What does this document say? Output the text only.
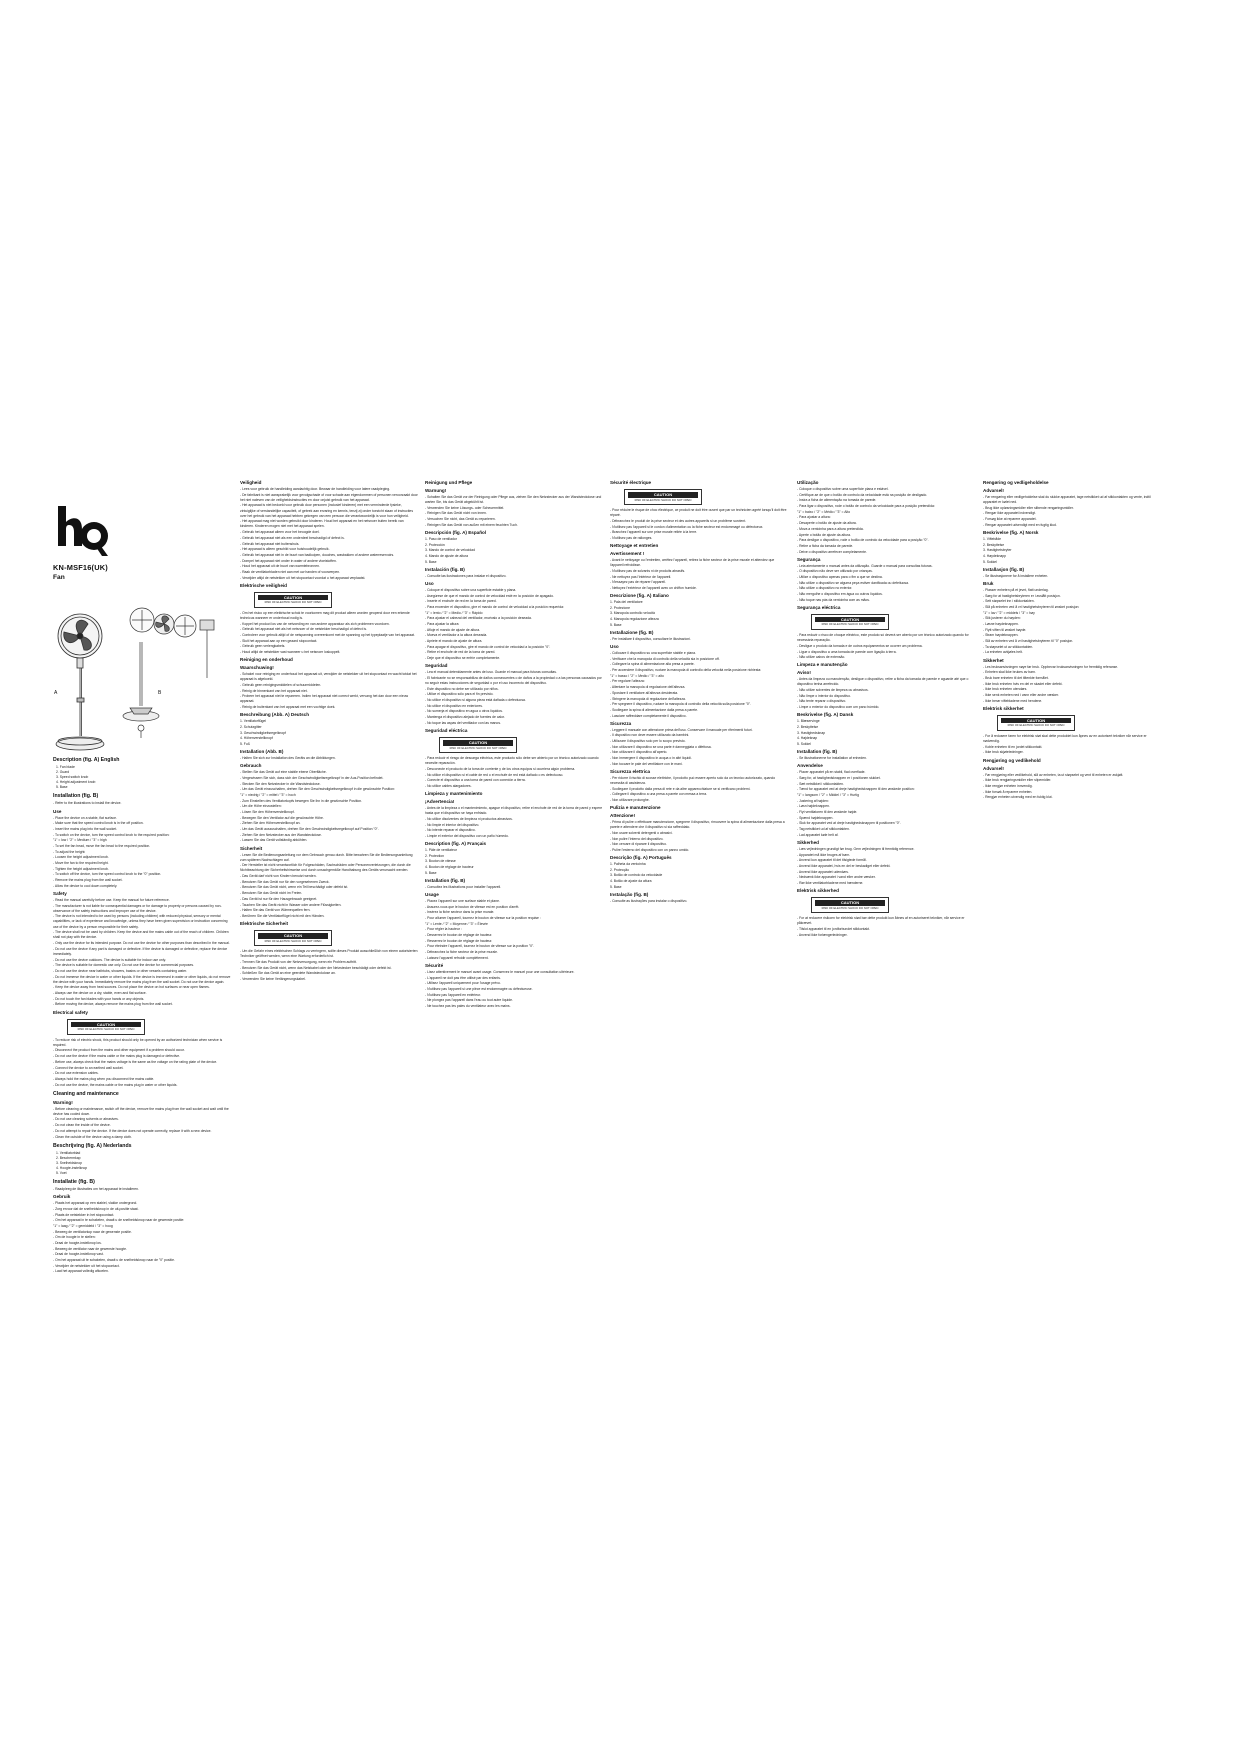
KN-MSF16(UK)
Fan
A	B
Description (fig. A) English
1. Fan blade
2. Guard
3. Speed switch knob
4. Height adjustment knob
5. Base
Installation (fig. B)

- Refer to the illustrations to install the device.

Use

- Place the device on a stable, flat surface.

- Make sure that the speed control knob is in the off position.

- Insert the mains plug into the wall socket.

- To switch on the device, turn the speed control knob to the required position:

"1" = low / "2" = Medium / "3" = high

- To set the fan head, move the fan head to the required position.

- To adjust the height:

- Loosen the height adjustment knob.

- Move the fan to the required height.

- Tighten the height adjustment knob.

- To switch off the device, turn the speed control knob to the "0" position.

- Remove the mains plug from the wall socket.

- Allow the device to cool down completely.

Safety

- Read the manual carefully before use. Keep the manual for future reference.

- The manufacturer is not liable for consequential damages or for damage to property or persons caused by non-observance of the safety instructions and improper use of the device.

- The device is not intended to be used by persons (including children) with reduced physical, sensory or mental capabilities, or lack of experience and knowledge, unless they have been given supervision or instruction concerning use of the device by a person responsible for their safety.

- The device shall not be used by children. Keep the device and the mains cable out of the reach of children. Children shall not play with the device.

- Only use the device for its intended purpose. Do not use the device for other purposes than described in the manual.

- Do not use the device if any part is damaged or defective. If the device is damaged or defective, replace the device immediately.

- Do not use the device outdoors. The device is suitable for indoor use only.

- The device is suitable for domestic use only. Do not use the device for commercial purposes.

- Do not use the device near bathtubs, showers, basins or other vessels containing water.

- Do not immerse the device in water or other liquids. If the device is immersed in water or other liquids, do not remove the device with your hands. Immediately remove the mains plug from the wall socket. Do not use the device again.

- Keep the device away from heat sources. Do not place the device on hot surfaces or near open flames.

- Always use the device on a dry, stable, even and flat surface.

- Do not touch the fan blades with your hands or any objects.

- Before moving the device, always remove the mains plug from the wall socket.

Electrical safety
CAUTION
RISK OF ELECTRIC SHOCK DO NOT OPEN

- To reduce risk of electric shock, this product should only be opened by an authorized technician when service is required.

- Disconnect the product from the mains and other equipment if a problem should occur.

- Do not use the device if the mains cable or the mains plug is damaged or defective.

- Before use, always check that the mains voltage is the same as the voltage on the rating plate of the device.

- Connect the device to an earthed wall socket.

- Do not use extension cables.

- Always hold the mains plug when you disconnect the mains cable.

- Do not use the device, the mains cable or the mains plug in water or other liquids.

Cleaning and maintenance
Warning!

- Before cleaning or maintenance, switch off the device, remove the mains plug from the wall socket and wait until the device has cooled down.

- Do not use cleaning solvents or abrasives.

- Do not clean the inside of the device.

- Do not attempt to repair the device. If the device does not operate correctly, replace it with a new device.

- Clean the outside of the device using a damp cloth.

Beschrijving (fig. A) Nederlands
1. Ventilatorblad
2. Beschermkap
3. Snelheidsknop
4. Hoogte-instelknop
5. Voet
Installatie (fig. B)

- Raadpleeg de illustraties om het apparaat te installeren.

Gebruik

- Plaats het apparaat op een stabiel, vlakke ondergrond.

- Zorg ervoor dat de snelheidsknop in de uit-positie staat.

- Plaats de netstekker in het stopcontact.

- Om het apparaat in te schakelen, draait u de snelheidsknop naar de gewenste positie:

"1" = laag / "2" = gemiddeld / "3" = hoog

- Beweeg de ventilatorkop naar de gewenste positie.

- Om de hoogte in te stellen:

- Draai de hoogte-instelknop los.

- Beweeg de ventilator naar de gewenste hoogte.

- Draai de hoogte-instelknop vast.

- Om het apparaat uit te schakelen, draait u de snelheidsknop naar de "0" positie.

- Verwijder de netstekker uit het stopcontact.

- Laat het apparaat volledig afkoelen.

Veiligheid

- Lees voor gebruik de handleiding aandachtig door. Bewaar de handleiding voor latere raadpleging.

- De fabrikant is niet aansprakelijk voor gevolgschade of voor schade aan eigendommen of personen veroorzaakt door het niet naleven van de veiligheidsinstructies en door onjuist gebruik van het apparaat.

- Het apparaat is niet bedoeld voor gebruik door personen (inclusief kinderen) met een verminderde fysieke, zintuiglijke of verstandelijke capaciteit, of gebrek aan ervaring en kennis, tenzij zij onder toezicht staan of instructies over het gebruik van het apparaat hebben gekregen van een persoon die verantwoordelijk is voor hun veiligheid.

- Het apparaat mag niet worden gebruikt door kinderen. Houd het apparaat en het netsnoer buiten bereik van kinderen. Kinderen mogen niet met het apparaat spelen.

- Gebruik het apparaat alleen voor het beoogde doel.

- Gebruik het apparaat niet als een onderdeel beschadigd of defect is.

- Gebruik het apparaat niet buitenshuis.

- Het apparaat is alleen geschikt voor huishoudelijk gebruik.

- Gebruik het apparaat niet in de buurt van badkuipen, douches, wasbakken of andere waterreservoirs.

- Dompel het apparaat niet onder in water of andere vloeistoffen.

- Houd het apparaat uit de buurt van warmtebronnen.

- Raak de ventilatorbladen niet aan met uw handen of voorwerpen.

- Verwijder altijd de netstekker uit het stopcontact voordat u het apparaat verplaatst.

Elektrische veiligheid
CAUTION
RISK OF ELECTRIC SHOCK DO NOT OPEN

- Om het risico op een elektrische schok te voorkomen mag dit product alleen worden geopend door een erkende technicus wanneer er onderhoud nodig is.

- Koppel het product los van de netvoeding en van andere apparatuur als zich problemen voordoen.

- Gebruik het apparaat niet als het netsnoer of de netstekker beschadigd of defect is.

- Controleer voor gebruik altijd of de netspanning overeenkomt met de spanning op het typeplaatje van het apparaat.

- Sluit het apparaat aan op een geaard stopcontact.

- Gebruik geen verlengkabels.

- Houd altijd de netstekker vast wanneer u het netsnoer loskoppelt.

Reiniging en onderhoud
Waarschuwing!

- Schakel voor reiniging en onderhoud het apparaat uit, verwijder de netstekker uit het stopcontact en wacht totdat het apparaat is afgekoeld.

- Gebruik geen reinigingsmiddelen of schuurmiddelen.

- Reinig de binnenkant van het apparaat niet.

- Probeer het apparaat niet te repareren. Indien het apparaat niet correct werkt, vervang het dan door een nieuw apparaat.

- Reinig de buitenkant van het apparaat met een vochtige doek.

Beschreibung (Abb. A) Deutsch

1. Ventilatorflügel

2. Schutzgitter

3. Geschwindigkeitsregelknopf

4. Höhenverstellknopf

5. Fuß

Installation (Abb. B)

- Halten Sie sich zur Installation des Geräts an die Abbildungen.

Gebrauch

- Stellen Sie das Gerät auf eine stabile ebene Oberfläche.

- Vergewissern Sie sich, dass sich der Geschwindigkeitsregelknopf in der Aus-Position befindet.

- Stecken Sie den Netzstecker in die Wandsteckdose.

- Um das Gerät einzuschalten, drehen Sie den Geschwindigkeitsregelknopf in die gewünschte Position:

"1" = niedrig / "2" = mittel / "3" = hoch

- Zum Einstellen des Ventilatorkopfs bewegen Sie ihn in die gewünschte Position.

- Um die Höhe einzustellen:

- Lösen Sie den Höhenverstellknopf.

- Bewegen Sie den Ventilator auf die gewünschte Höhe.

- Ziehen Sie den Höhenverstellknopf an.

- Um das Gerät auszuschalten, drehen Sie den Geschwindigkeitsregelknopf auf Position "0".

- Ziehen Sie den Netzstecker aus der Wandsteckdose.

- Lassen Sie das Gerät vollständig abkühlen.

Sicherheit

- Lesen Sie die Bedienungsanleitung vor dem Gebrauch genau durch. Bitte bewahren Sie die Bedienungsanleitung zum späteren Nachschlagen auf.

- Der Hersteller ist nicht verantwortlich für Folgeschäden, Sachschäden oder Personenverletzungen, die durch die Nichtbeachtung der Sicherheitshinweise und durch unsachgemäße Handhabung des Geräts verursacht werden.

- Das Gerät darf nicht von Kindern benutzt werden.

- Benutzen Sie das Gerät nur für den vorgesehenen Zweck.

- Benutzen Sie das Gerät nicht, wenn ein Teil beschädigt oder defekt ist.

- Benutzen Sie das Gerät nicht im Freien.

- Das Gerät ist nur für den Hausgebrauch geeignet.

- Tauchen Sie das Gerät nicht in Wasser oder andere Flüssigkeiten.

- Halten Sie das Gerät von Wärmequellen fern.

- Berühren Sie die Ventilatorflügel nicht mit den Händen.

Elektrische Sicherheit
CAUTION
RISK OF ELECTRIC SHOCK DO NOT OPEN

- Um die Gefahr eines elektrischen Schlags zu verringern, sollte dieses Produkt ausschließlich von einem autorisierten Techniker geöffnet werden, wenn eine Wartung erforderlich ist.

- Trennen Sie das Produkt von der Netzversorgung, wenn ein Problem auftritt.

- Benutzen Sie das Gerät nicht, wenn das Netzkabel oder der Netzstecker beschädigt oder defekt ist.

- Schließen Sie das Gerät an eine geerdete Wandsteckdose an.

- Verwenden Sie keine Verlängerungskabel.

Reinigung und Pflege
Warnung!

- Schalten Sie das Gerät vor der Reinigung oder Pflege aus, ziehen Sie den Netzstecker aus der Wandsteckdose und warten Sie, bis das Gerät abgekühlt ist.

- Verwenden Sie keine Lösungs- oder Scheuermittel.

- Reinigen Sie das Gerät nicht von innen.

- Versuchen Sie nicht, das Gerät zu reparieren.

- Reinigen Sie das Gerät von außen mit einem feuchten Tuch.

Descripción (fig. A) Español

1. Paso de ventilador

2. Protección

3. Mando de control de velocidad

4. Mando de ajuste de altura

5. Base

Instalación (fig. B)

- Consulte las ilustraciones para instalar el dispositivo.

Uso

- Coloque el dispositivo sobre una superficie estable y plana.

- Asegúrese de que el mando de control de velocidad esté en la posición de apagado.

- Inserte el enchufe de red en la toma de pared.

- Para encender el dispositivo, gire el mando de control de velocidad a la posición requerida:

"1" = lento / "2" = Medio / "3" = Rápido

- Para ajustar el cabezal del ventilador, muévalo a la posición deseada.

- Para ajustar la altura:

- Afloje el mando de ajuste de altura.

- Mueva el ventilador a la altura deseada.

- Apriete el mando de ajuste de altura.

- Para apagar el dispositivo, gire el mando de control de velocidad a la posición "0".

- Retire el enchufe de red de la toma de pared.

- Deje que el dispositivo se enfríe completamente.

Seguridad

- Lea el manual detenidamente antes del uso. Guarde el manual para futuras consultas.

- El fabricante no se responsabiliza de daños consecuentes o de daños a la propiedad o a las personas causados por no seguir estas instrucciones de seguridad o por el uso incorrecto del dispositivo.

- Este dispositivo no debe ser utilizado por niños.

- Utilice el dispositivo sólo para el fin previsto.

- No utilice el dispositivo si alguna pieza está dañada o defectuosa.

- No utilice el dispositivo en exteriores.

- No sumerja el dispositivo en agua u otros líquidos.

- Mantenga el dispositivo alejado de fuentes de calor.

- No toque las aspas del ventilador con las manos.

Seguridad eléctrica
CAUTION
RISK OF ELECTRIC SHOCK DO NOT OPEN

- Para reducir el riesgo de descarga eléctrica, este producto sólo debe ser abierto por un técnico autorizado cuando necesite reparación.

- Desconecte el producto de la toma de corriente y de los otros equipos si ocurriera algún problema.

- No utilice el dispositivo si el cable de red o el enchufe de red está dañado o es defectuoso.

- Conecte el dispositivo a una toma de pared con conexión a tierra.

- No utilice cables alargadores.

Limpieza y mantenimiento
¡Advertencia!

- Antes de la limpieza o el mantenimiento, apague el dispositivo, retire el enchufe de red de la toma de pared y espere hasta que el dispositivo se haya enfriado.

- No utilice disolventes de limpieza ni productos abrasivos.

- No limpie el interior del dispositivo.

- No intente reparar el dispositivo.

- Limpie el exterior del dispositivo con un paño húmedo.

Description (fig. A) Français

1. Pâle de ventilateur

2. Protection

3. Bouton de vitesse

4. Bouton de réglage de hauteur

5. Base

Installation (fig. B)

- Consultez les illustrations pour installer l'appareil.

Usage

- Placez l'appareil sur une surface stable et plane.

- Assurez-vous que le bouton de vitesse est en position d'arrêt.

- Insérez la fiche secteur dans la prise murale.

- Pour allumer l'appareil, tournez le bouton de vitesse sur la position requise :

"1" = Lente / "2" = Moyenne / "3" = Élevée

- Pour régler la hauteur :

- Desserrez le bouton de réglage de hauteur.

- Resserrez le bouton de réglage de hauteur.

- Pour éteindre l'appareil, tournez le bouton de vitesse sur la position "0".

- Débranchez la fiche secteur de la prise murale.

- Laissez l'appareil refroidir complètement.

Sécurité

- Lisez attentivement le manuel avant usage. Conservez le manuel pour une consultation ultérieure.

- L'appareil ne doit pas être utilisé par des enfants.

- Utilisez l'appareil uniquement pour l'usage prévu.

- N'utilisez pas l'appareil si une pièce est endommagée ou défectueuse.

- N'utilisez pas l'appareil en extérieur.

- Ne plongez pas l'appareil dans l'eau ou tout autre liquide.

- Ne touchez pas les pales du ventilateur avec les mains.

Sécurité électrique
CAUTION
RISK OF ELECTRIC SHOCK DO NOT OPEN

- Pour réduire le risque de choc électrique, ce produit ne doit être ouvert que par un technicien agréé lorsqu'il doit être réparé.

- Débranchez le produit de la prise secteur et des autres appareils si un problème survient.

- N'utilisez pas l'appareil si le cordon d'alimentation ou la fiche secteur est endommagé ou défectueux.

- Branchez l'appareil sur une prise murale reliée à la terre.

- N'utilisez pas de rallonges.

Nettoyage et entretien
Avertissement !

- Avant le nettoyage ou l'entretien, arrêtez l'appareil, retirez la fiche secteur de la prise murale et attendez que l'appareil refroidisse.

- N'utilisez pas de solvants ni de produits abrasifs.

- Ne nettoyez pas l'intérieur de l'appareil.

- N'essayez pas de réparer l'appareil.

- Nettoyez l'extérieur de l'appareil avec un chiffon humide.

Descrizione (fig. A) Italiano

1. Pala del ventilatore

2. Protezione

3. Manopola controllo velocità

4. Manopola regolazione altezza

5. Base

Installazione (fig. B)

- Per installare il dispositivo, consultare le illustrazioni.

Uso

- Collocare il dispositivo su una superficie stabile e piana.

- Verificare che la manopola di controllo della velocità sia in posizione off.

- Collegare la spina di alimentazione alla presa a parete.

- Per accendere il dispositivo, ruotare la manopola di controllo della velocità nella posizione richiesta:

"1" = basso / "2" = Medio / "3" = alto

- Per regolare l'altezza:

- Allentare la manopola di regolazione dell'altezza.

- Spostare il ventilatore all'altezza desiderata.

- Stringere la manopola di regolazione dell'altezza.

- Per spegnere il dispositivo, ruotare la manopola di controllo della velocità sulla posizione "0".

- Scollegare la spina di alimentazione dalla presa a parete.

- Lasciare raffreddare completamente il dispositivo.

Sicurezza

- Leggere il manuale con attenzione prima dell'uso. Conservare il manuale per riferimenti futuri.

- Il dispositivo non deve essere utilizzato da bambini.

- Utilizzare il dispositivo solo per lo scopo previsto.

- Non utilizzare il dispositivo se una parte è danneggiata o difettosa.

- Non utilizzare il dispositivo all'aperto.

- Non immergere il dispositivo in acqua o in altri liquidi.

- Non toccare le pale del ventilatore con le mani.

Sicurezza elettrica

- Per ridurre il rischio di scosse elettriche, il prodotto può essere aperto solo da un tecnico autorizzato, quando necessita di assistenza.

- Scollegare il prodotto dalla presa di rete e da altre apparecchiature se si verificano problemi.

- Collegare il dispositivo a una presa a parete con messa a terra.

- Non utilizzare prolunghe.

Pulizia e manutenzione
Attenzione!

- Prima di pulire o effettuare manutenzione, spegnere il dispositivo, rimuovere la spina di alimentazione dalla presa a parete e attendere che il dispositivo si sia raffreddato.

- Non usare solventi detergenti o abrasivi.

- Non pulire l'interno del dispositivo.

- Non cercare di riparare il dispositivo.

- Pulire l'esterno del dispositivo con un panno umido.

Descrição (fig. A) Português

1. Palheta da ventoinha

2. Protecção

3. Botão de controlo da velocidade

4. Botão de ajuste da altura

5. Base

Instalação (fig. B)

- Consulte as ilustrações para instalar o dispositivo.

Utilização

- Coloque o dispositivo sobre uma superfície plana e estável.

- Certifique-se de que o botão de controlo da velocidade está na posição de desligado.

- Insira a ficha de alimentação na tomada de parede.

- Para ligar o dispositivo, rode o botão de controlo da velocidade para a posição pretendida:

"1" = baixo / "2" = Médio / "3" = Alto

- Para ajustar a altura:

- Desaperte o botão de ajuste da altura.

- Mova a ventoinha para a altura pretendida.

- Aperte o botão de ajuste da altura.

- Para desligar o dispositivo, rode o botão de controlo da velocidade para a posição "0".

- Retire a ficha da tomada de parede.

- Deixe o dispositivo arrefecer completamente.

Segurança

- Leia atentamente o manual antes da utilização. Guarde o manual para consultas futuras.

- O dispositivo não deve ser utilizado por crianças.

- Utilize o dispositivo apenas para o fim a que se destina.

- Não utilize o dispositivo se alguma peça estiver danificada ou defeituosa.

- Não utilize o dispositivo no exterior.

- Não mergulhe o dispositivo em água ou outros líquidos.

- Não toque nas pás da ventoinha com as mãos.

Segurança eléctrica
CAUTION
RISK OF ELECTRIC SHOCK DO NOT OPEN

- Para reduzir o risco de choque eléctrico, este produto só deverá ser aberto por um técnico autorizado quando for necessária reparação.

- Desligue o produto da tomada e de outros equipamentos se ocorrer um problema.

- Ligue o dispositivo a uma tomada de parede com ligação à terra.

- Não utilize cabos de extensão.

Limpeza e manutenção
Aviso!

- Antes da limpeza ou manutenção, desligue o dispositivo, retire a ficha da tomada de parede e aguarde até que o dispositivo tenha arrefecido.

- Não utilize solventes de limpeza ou abrasivos.

- Não limpe o interior do dispositivo.

- Não tente reparar o dispositivo.

- Limpe o exterior do dispositivo com um pano húmido.

Beskrivelse (fig. A) Dansk

1. Blæservinge

2. Beskyttelse

3. Hastighedsknap

4. Højdeknap

5. Sokkel

Installation (fig. B)

- Se illustrationerne for installation af enheden.

Anvendelse

- Placer apparatet på en stabil, flad overflade.

- Sørg for, at hastighedsknappen er i positionen slukket.

- Sæt netstikket i stikkontakten.

- Tænd for apparatet ved at dreje hastighedsknappen til den ønskede position:

"1" = langsom / "2" = Middel / "3" = Hurtig

- Justering af højden:

- Løsn højdeknappen.

- Flyt ventilatoren til den ønskede højde.

- Spænd højdeknappen.

- Sluk for apparatet ved at dreje hastighedsknappen til positionen "0".

- Tag netstikket ud af stikkontakten.

- Lad apparatet køle helt af.

Sikkerhed

- Læs vejledningen grundigt før brug. Gem vejledningen til fremtidig reference.

- Apparatet må ikke bruges af børn.

- Anvend kun apparatet til det tilsigtede formål.

- Anvend ikke apparatet, hvis en del er beskadiget eller defekt.

- Anvend ikke apparatet udendørs.

- Nedsænk ikke apparatet i vand eller andre væsker.

- Rør ikke ventilatorbladene med hænderne.

Elektrisk sikkerhed
CAUTION
RISK OF ELECTRIC SHOCK DO NOT OPEN

- For at reducere risikoen for elektrisk stød bør dette produkt kun åbnes af en autoriseret tekniker, når service er påkrævet.

- Tilslut apparatet til en jordforbundet stikkontakt.

- Anvend ikke forlængerledninger.

Rengøring og vedligeholdelse
Advarsel!

- Før rengøring eller vedligeholdelse skal du slukke apparatet, tage netstikket ud af stikkontakten og vente, indtil apparatet er kølet ned.

- Brug ikke opløsningsmidler eller slibende rengøringsmidler.

- Rengør ikke apparatet indvendigt.

- Forsøg ikke at reparere apparatet.

- Rengør apparatet udvendigt med en fugtig klud.

Beskrivelse (fig. A) Norsk

1. Viftebåde

2. Beskyttelse

3. Hastighetsbryter

4. Høydeknapp

5. Sokkel

Installasjon (fig. B)

- Se illustrasjonene for å installere enheten.

Bruk

- Plasser enheten på et jevnt, flatt underlag.

- Sørg for at hastighetsbryteren er i avslått posisjon.

- Sett støpselet inn i stikkontakten.

- Slå på enheten ved å vri hastighetsbryteren til ønsket posisjon:

"1" = lav / "2" = middels / "3" = høy

- Slik justerer du høyden:

- Løsne høydeknappen.

- Flytt viften til ønsket høyde.

- Stram høydeknappen.

- Slå av enheten ved å vri hastighetsbryteren til "0" posisjon.

- Ta støpselet ut av stikkontakten.

- La enheten avkjøles helt.

Sikkerhet

- Les bruksanvisningen nøye før bruk. Oppbevar bruksanvisningen for fremtidig referanse.

- Enheten skal ikke brukes av barn.

- Bruk bare enheten til det tiltenkte formålet.

- Ikke bruk enheten hvis en del er skadet eller defekt.

- Ikke bruk enheten utendørs.

- Ikke senk enheten ned i vann eller andre væsker.

- Ikke berør viftebladene med hendene.

Elektrisk sikkerhet
CAUTION
RISK OF ELECTRIC SHOCK DO NOT OPEN

- For å redusere faren for elektrisk støt skal dette produktet kun åpnes av en autorisert tekniker når service er nødvendig.

- Koble enheten til en jordet stikkontakt.

- Ikke bruk skjøteledninger.

Rengjøring og vedlikehold
Advarsel!

- Før rengjøring eller vedlikehold, slå av enheten, ta ut støpselet og vent til enheten er avkjølt.

- Ikke bruk rengjøringsmidler eller slipemidler.

- Ikke rengjør enheten innvendig.

- Ikke forsøk å reparere enheten.

- Rengjør enheten utvendig med en fuktig klut.
